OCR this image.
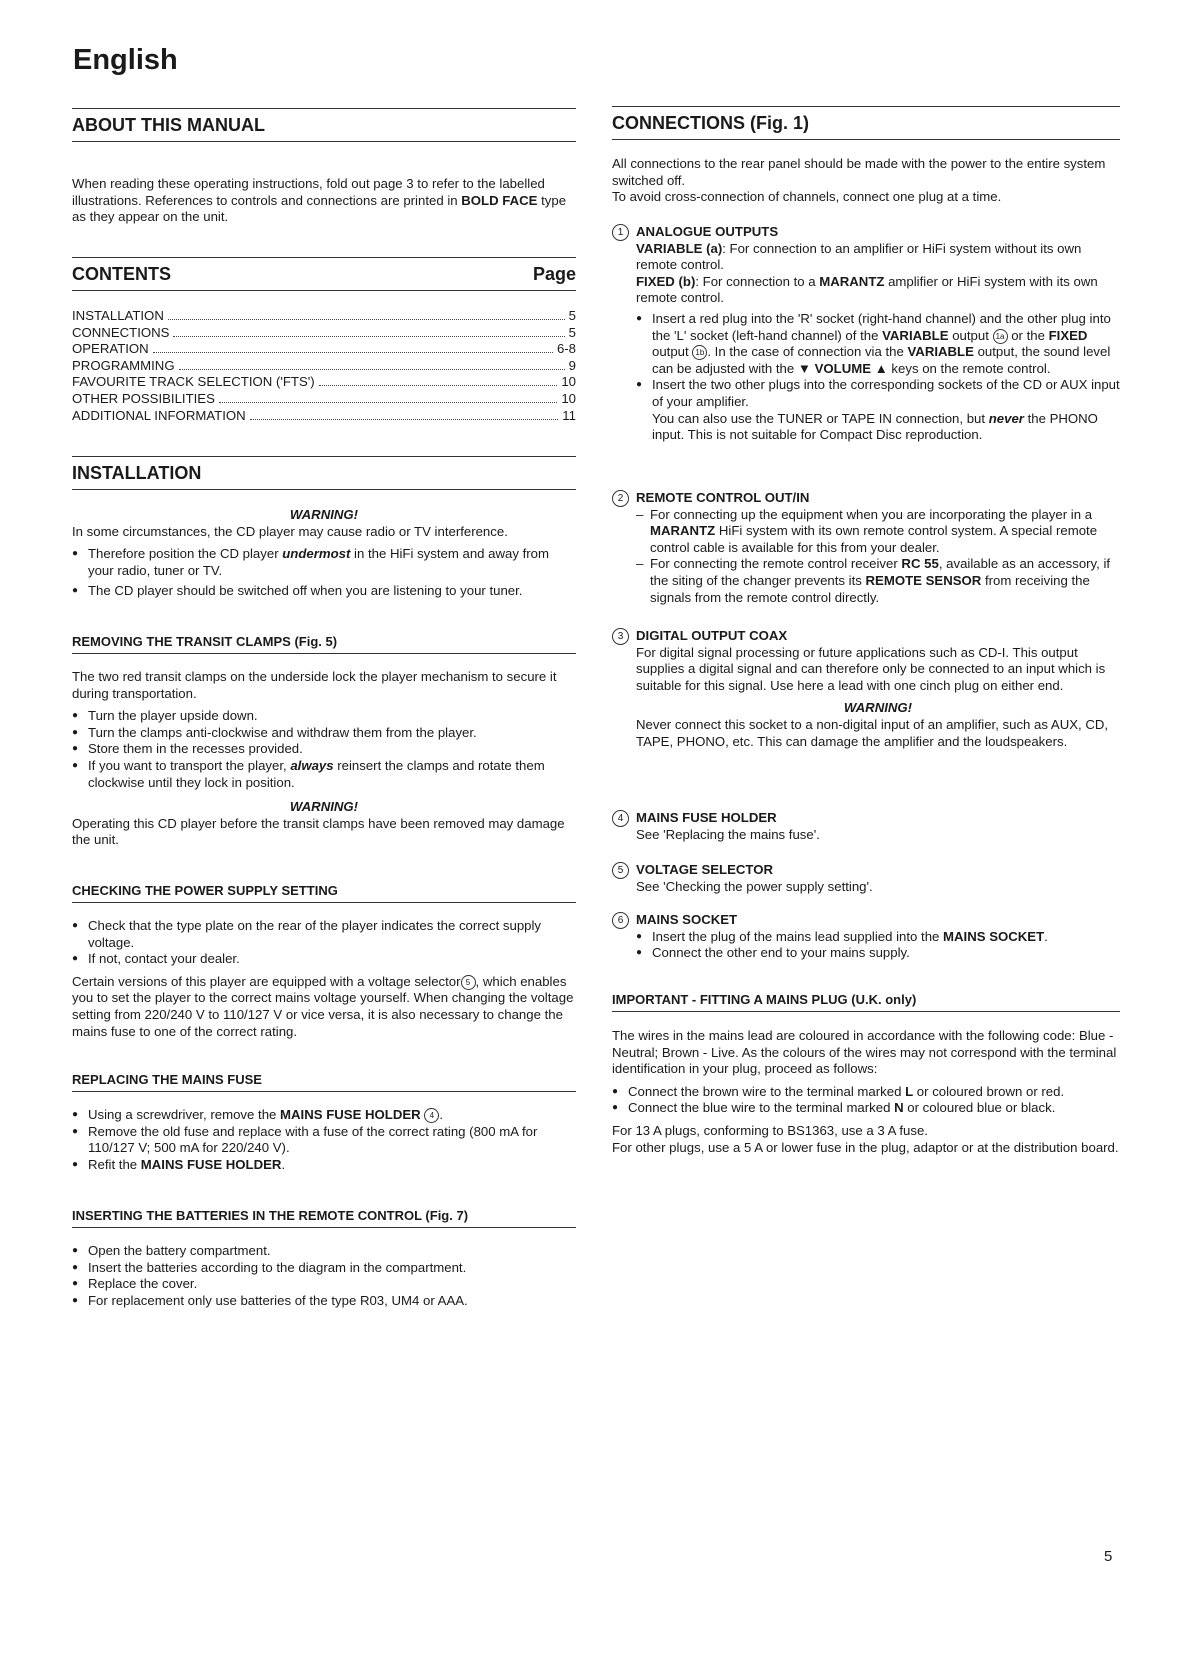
English
ABOUT THIS MANUAL
When reading these operating instructions, fold out page 3 to refer to the labelled illustrations. References to controls and connections are printed in BOLD FACE type as they appear on the unit.
CONTENTS	Page
INSTALLATION	5
CONNECTIONS	5
OPERATION	6-8
PROGRAMMING	9
FAVOURITE TRACK SELECTION ('FTS')	10
OTHER POSSIBILITIES	10
ADDITIONAL INFORMATION	11
INSTALLATION
WARNING!
In some circumstances, the CD player may cause radio or TV interference.
● Therefore position the CD player undermost in the HiFi system and away from your radio, tuner or TV.
● The CD player should be switched off when you are listening to your tuner.
REMOVING THE TRANSIT CLAMPS (Fig. 5)
The two red transit clamps on the underside lock the player mechanism to secure it during transportation.
● Turn the player upside down.
● Turn the clamps anti-clockwise and withdraw them from the player.
● Store them in the recesses provided.
● If you want to transport the player, always reinsert the clamps and rotate them clockwise until they lock in position.
WARNING!
Operating this CD player before the transit clamps have been removed may damage the unit.
CHECKING THE POWER SUPPLY SETTING
● Check that the type plate on the rear of the player indicates the correct supply voltage.
● If not, contact your dealer.
Certain versions of this player are equipped with a voltage selector 5 , which enables you to set the player to the correct mains voltage yourself. When changing the voltage setting from 220/240 V to 110/127 V or vice versa, it is also necessary to change the mains fuse to one of the correct rating.
REPLACING THE MAINS FUSE
● Using a screwdriver, remove the MAINS FUSE HOLDER 4 .
● Remove the old fuse and replace with a fuse of the correct rating (800 mA for 110/127 V; 500 mA for 220/240 V).
● Refit the MAINS FUSE HOLDER.
INSERTING THE BATTERIES IN THE REMOTE CONTROL (Fig. 7)
● Open the battery compartment.
● Insert the batteries according to the diagram in the compartment.
● Replace the cover.
● For replacement only use batteries of the type R03, UM4 or AAA.
CONNECTIONS (Fig. 1)
All connections to the rear panel should be made with the power to the entire system switched off.
To avoid cross-connection of channels, connect one plug at a time.
1 ANALOGUE OUTPUTS
VARIABLE (a): For connection to an amplifier or HiFi system without its own remote control.
FIXED (b): For connection to a MARANTZ amplifier or HiFi system with its own remote control.
● Insert a red plug into the 'R' socket (right-hand channel) and the other plug into the 'L' socket (left-hand channel) of the VARIABLE output 1a or the FIXED output 1b . In the case of connection via the VARIABLE output, the sound level can be adjusted with the ▼ VOLUME ▲ keys on the remote control.
● Insert the two other plugs into the corresponding sockets of the CD or AUX input of your amplifier.
You can also use the TUNER or TAPE IN connection, but never the PHONO input. This is not suitable for Compact Disc reproduction.
2 REMOTE CONTROL OUT/IN
– For connecting up the equipment when you are incorporating the player in a MARANTZ HiFi system with its own remote control system. A special remote control cable is available for this from your dealer.
– For connecting the remote control receiver RC 55, available as an accessory, if the siting of the changer prevents its REMOTE SENSOR from receiving the signals from the remote control directly.
3 DIGITAL OUTPUT COAX
For digital signal processing or future applications such as CD-I. This output supplies a digital signal and can therefore only be connected to an input which is suitable for this signal. Use here a lead with one cinch plug on either end.
WARNING!
Never connect this socket to a non-digital input of an amplifier, such as AUX, CD, TAPE, PHONO, etc. This can damage the amplifier and the loudspeakers.
4 MAINS FUSE HOLDER
See 'Replacing the mains fuse'.
5 VOLTAGE SELECTOR
See 'Checking the power supply setting'.
6 MAINS SOCKET
● Insert the plug of the mains lead supplied into the MAINS SOCKET.
● Connect the other end to your mains supply.
IMPORTANT - FITTING A MAINS PLUG (U.K. only)
The wires in the mains lead are coloured in accordance with the following code: Blue - Neutral; Brown - Live. As the colours of the wires may not correspond with the terminal identification in your plug, proceed as follows:
● Connect the brown wire to the terminal marked L or coloured brown or red.
● Connect the blue wire to the terminal marked N or coloured blue or black.
For 13 A plugs, conforming to BS1363, use a 3 A fuse.
For other plugs, use a 5 A or lower fuse in the plug, adaptor or at the distribution board.
5
